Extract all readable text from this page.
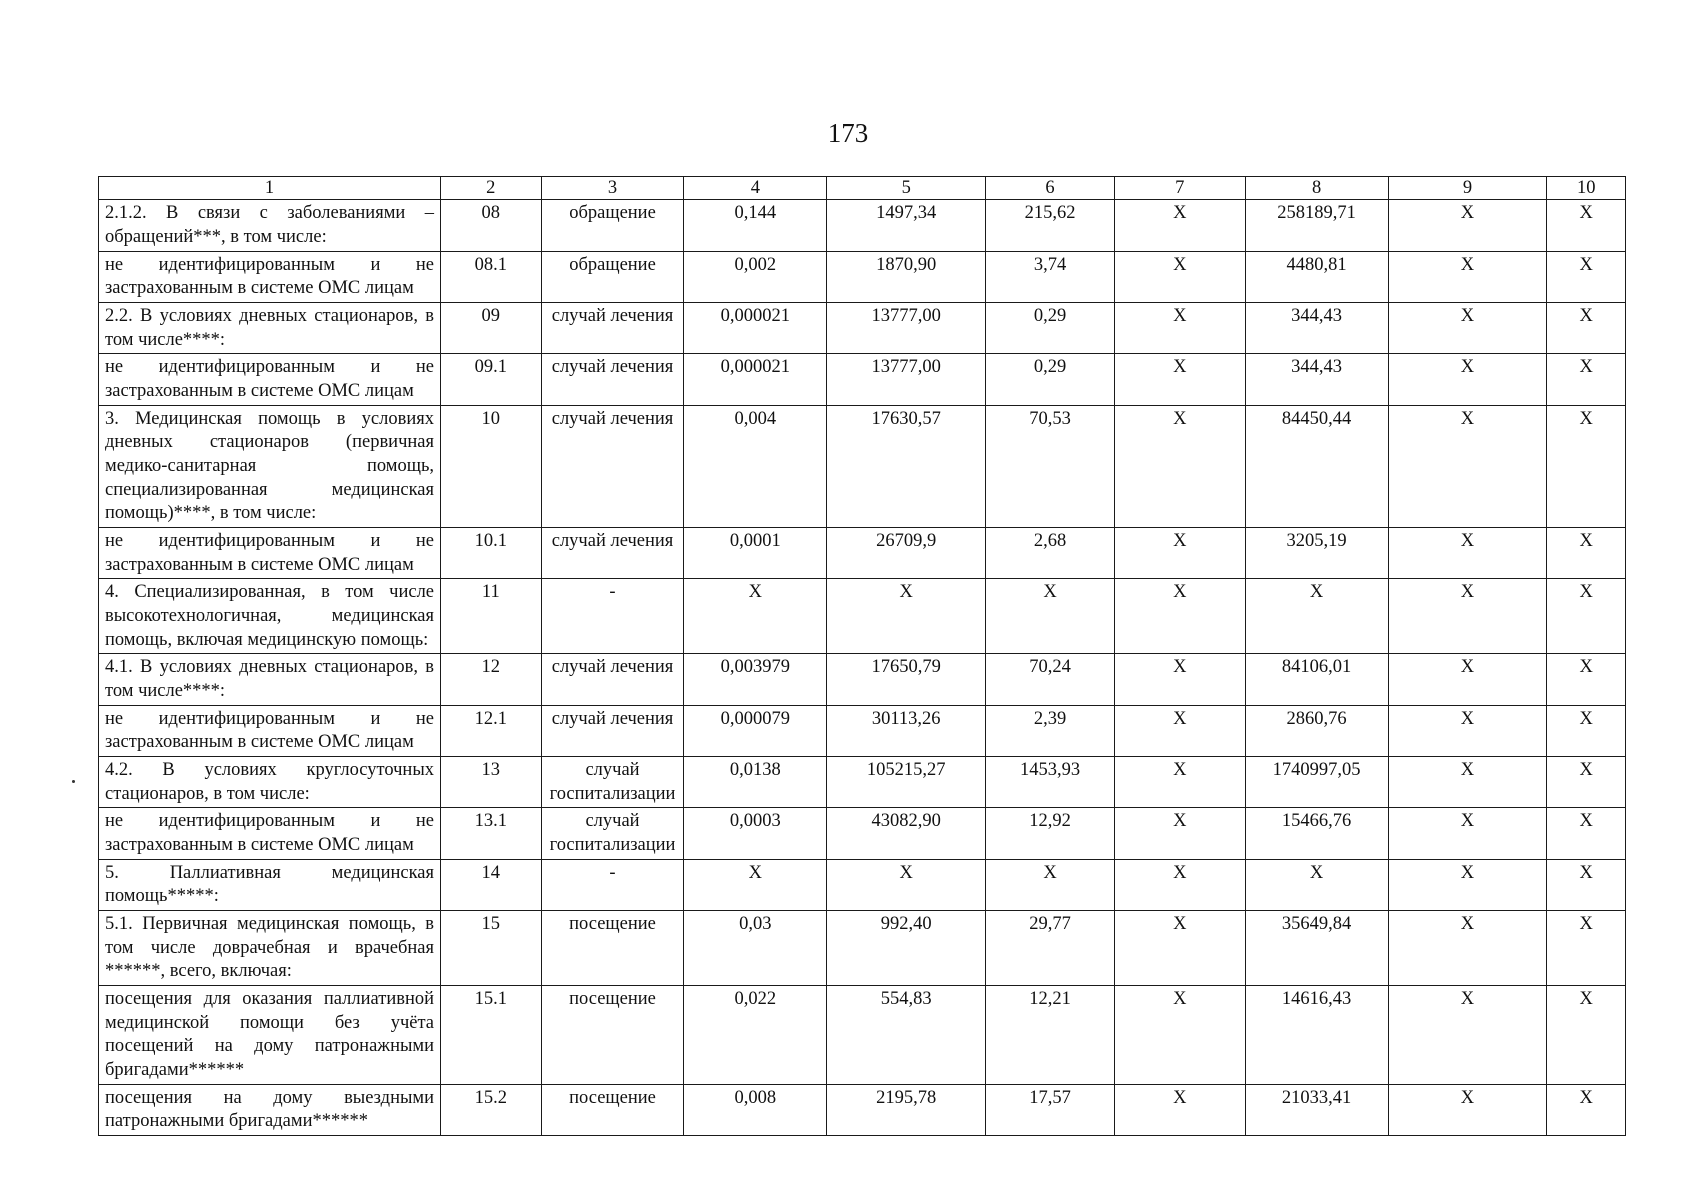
173
1	2	3	4	5	6	7	8	9	10
2.1.2. В связи с заболеваниями – обращений***, в том числе:	08	обращение	0,144	1497,34	215,62	X	258189,71	X	X
не идентифицированным и не застрахованным в системе ОМС лицам	08.1	обращение	0,002	1870,90	3,74	X	4480,81	X	X
2.2. В условиях дневных стационаров, в том числе****:	09	случай лечения	0,000021	13777,00	0,29	X	344,43	X	X
не идентифицированным и не застрахованным в системе ОМС лицам	09.1	случай лечения	0,000021	13777,00	0,29	X	344,43	X	X
3. Медицинская помощь в условиях дневных стационаров (первичная медико-санитарная помощь, специализированная медицинская помощь)****, в том числе:	10	случай лечения	0,004	17630,57	70,53	X	84450,44	X	X
не идентифицированным и не застрахованным в системе ОМС лицам	10.1	случай лечения	0,0001	26709,9	2,68	X	3205,19	X	X
4. Специализированная, в том числе высокотехнологичная, медицинская помощь, включая медицинскую помощь:	11	-	X	X	X	X	X	X	X
4.1. В условиях дневных стационаров, в том числе****:	12	случай лечения	0,003979	17650,79	70,24	X	84106,01	X	X
не идентифицированным и не застрахованным в системе ОМС лицам	12.1	случай лечения	0,000079	30113,26	2,39	X	2860,76	X	X
4.2. В условиях круглосуточных стационаров, в том числе:	13	случай госпитализации	0,0138	105215,27	1453,93	X	1740997,05	X	X
не идентифицированным и не застрахованным в системе ОМС лицам	13.1	случай госпитализации	0,0003	43082,90	12,92	X	15466,76	X	X
5. Паллиативная медицинская помощь*****:	14	-	X	X	X	X	X	X	X
5.1. Первичная медицинская помощь, в том числе доврачебная и врачебная ******, всего, включая:	15	посещение	0,03	992,40	29,77	X	35649,84	X	X
посещения для оказания паллиативной медицинской помощи без учёта посещений на дому патронажными бригадами******	15.1	посещение	0,022	554,83	12,21	X	14616,43	X	X
посещения на дому выездными патронажными бригадами******	15.2	посещение	0,008	2195,78	17,57	X	21033,41	X	X
